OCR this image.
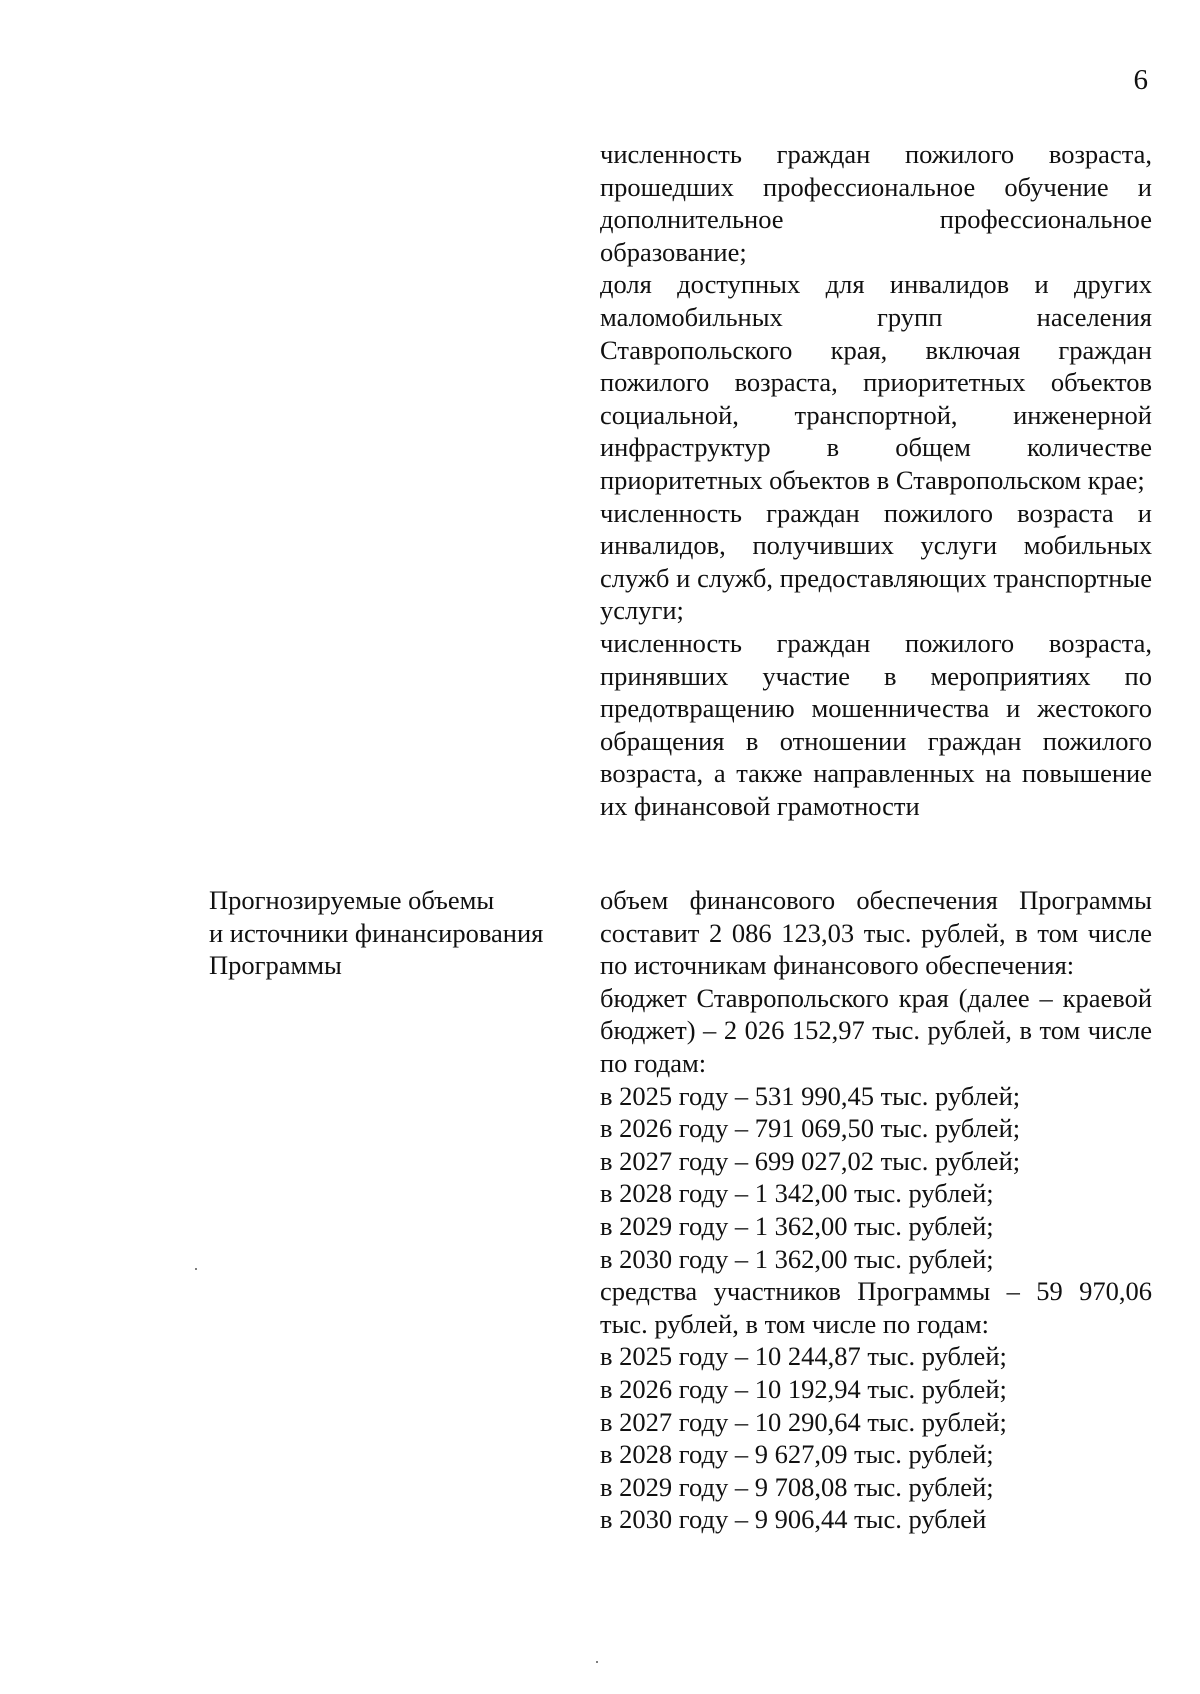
6

численность граждан пожилого возраста, прошедших профессиональное обучение и дополнительное профессиональное образование;

доля доступных для инвалидов и других маломобильных групп населения Ставропольского края, включая граждан пожилого возраста, приоритетных объектов социальной, транспортной, инженерной инфраструктур в общем количестве приоритетных объектов в Ставропольском крае;

численность граждан пожилого возраста и инвалидов, получивших услуги мобильных служб и служб, предоставляющих транспортные услуги;

численность граждан пожилого возраста, принявших участие в мероприятиях по предотвращению мошенничества и жестокого обращения в отношении граждан пожилого возраста, а также направленных на повышение их финансовой грамотности

Прогнозируемые объемы

и источники финансирования

Программы

объем финансового обеспечения Программы составит 2 086 123,03 тыс. рублей, в том числе по источникам финансового обеспечения:

бюджет Ставропольского края (далее – краевой бюджет) – 2 026 152,97 тыс. рублей, в том числе по годам:

в 2025 году – 531 990,45 тыс. рублей;

в 2026 году – 791 069,50 тыс. рублей;

в 2027 году – 699 027,02 тыс. рублей;

в 2028 году – 1 342,00 тыс. рублей;

в 2029 году – 1 362,00 тыс. рублей;

в 2030 году – 1 362,00 тыс. рублей;

средства участников Программы – 59 970,06 тыс. рублей, в том числе по годам:

в 2025 году – 10 244,87 тыс. рублей;

в 2026 году – 10 192,94 тыс. рублей;

в 2027 году – 10 290,64 тыс. рублей;

в 2028 году – 9 627,09 тыс. рублей;

в 2029 году – 9 708,08 тыс. рублей;

в 2030 году – 9 906,44 тыс. рублей
